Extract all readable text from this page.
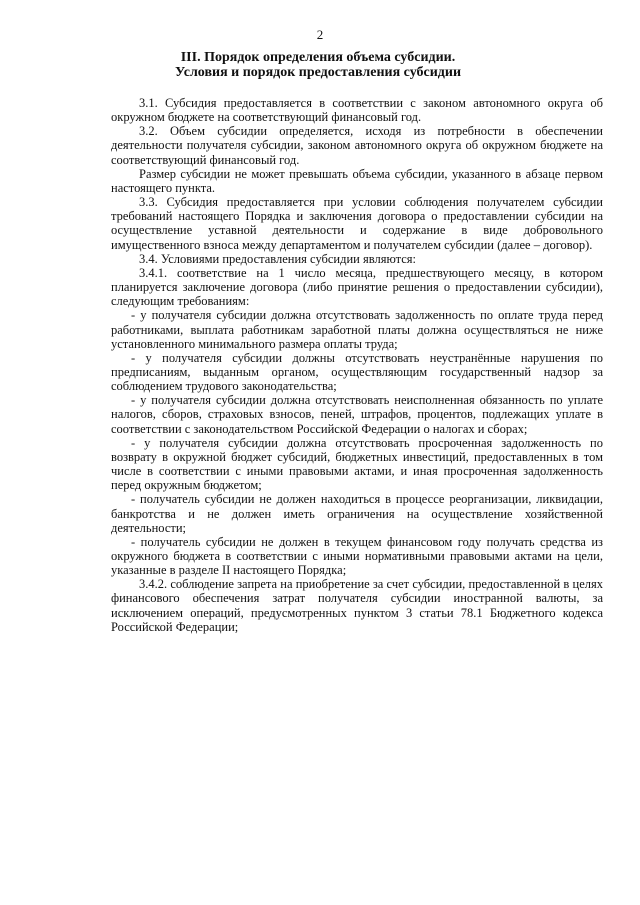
2
III. Порядок определения объема субсидии.
Условия и порядок предоставления субсидии

3.1. Субсидия предоставляется в соответствии с законом автономного округа об окружном бюджете на соответствующий финансовый год.

3.2. Объем субсидии определяется, исходя из потребности в обеспечении деятельности получателя субсидии, законом автономного округа об окружном бюджете на соответствующий финансовый год.

Размер субсидии не может превышать объема субсидии, указанного в абзаце первом настоящего пункта.

3.3. Субсидия предоставляется при условии соблюдения получателем субсидии требований настоящего Порядка и заключения договора о предоставлении субсидии на осуществление уставной деятельности и содержание в виде добровольного имущественного взноса между департаментом и получателем субсидии (далее – договор).

3.4. Условиями предоставления субсидии являются:

3.4.1. соответствие на 1 число месяца, предшествующего месяцу, в котором планируется заключение договора (либо принятие решения о предоставлении субсидии), следующим требованиям:

- у получателя субсидии должна отсутствовать задолженность по оплате труда перед работниками, выплата работникам заработной платы должна осуществляться не ниже установленного минимального размера оплаты труда;

- у получателя субсидии должны отсутствовать неустранённые нарушения по предписаниям, выданным органом, осуществляющим государственный надзор за соблюдением трудового законодательства;

- у получателя субсидии должна отсутствовать неисполненная обязанность по уплате налогов, сборов, страховых взносов, пеней, штрафов, процентов, подлежащих уплате в соответствии с законодательством Российской Федерации о налогах и сборах;

- у получателя субсидии должна отсутствовать просроченная задолженность по возврату в окружной бюджет субсидий, бюджетных инвестиций, предоставленных в том числе в соответствии с иными правовыми актами, и иная просроченная задолженность перед окружным бюджетом;

- получатель субсидии не должен находиться в процессе реорганизации, ликвидации, банкротства и не должен иметь ограничения на осуществление хозяйственной деятельности;

- получатель субсидии не должен в текущем финансовом году получать средства из окружного бюджета в соответствии с иными нормативными правовыми актами на цели, указанные в разделе II настоящего Порядка;

3.4.2. соблюдение запрета на приобретение за счет субсидии, предоставленной в целях финансового обеспечения затрат получателя субсидии иностранной валюты, за исключением операций, предусмотренных пунктом 3 статьи 78.1 Бюджетного кодекса Российской Федерации;
